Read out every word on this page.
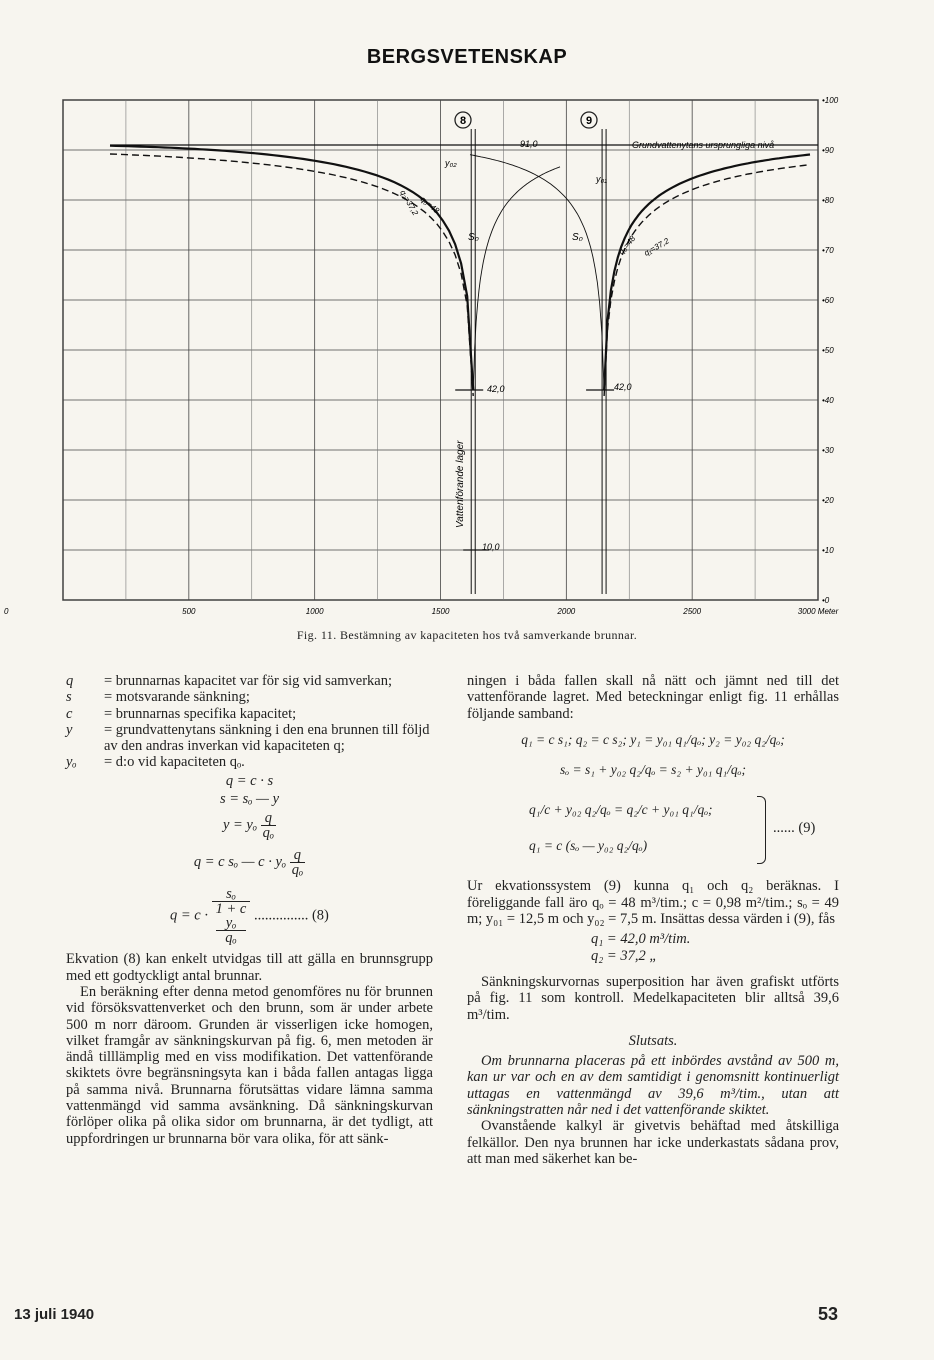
BERGSVETENSKAP
•100
•90
•80
•70
•60
•50
•40
•30
•20
•10
•0
0	500	1000	1500	2000	2500	3000 Meter
Grundvattenytans ursprungliga nivå
8	9
91,0
y₀₂
y₀₁
S₀	S₀
q₀=48
q₂=37,2
q₀=48 q₁=37,2
42,0	42,0
10,0
Vattenförande lager
Fig. 11. Bestämning av kapaciteten hos två samverkande brunnar.
q = brunnarnas kapacitet var för sig vid samverkan;
s = motsvarande sänkning;
c = brunnarnas specifika kapacitet;
y = grundvattenytans sänkning i den ena brunnen till följd av den andras inverkan vid kapaciteten q;
yₒ = d:o vid kapaciteten qₒ.
q = c · s
s = sₒ — y
y = yₒ $\frac{q}{\text{qₒ}}$
q = c sₒ — c · yₒ $\frac{q}{\text{qₒ}}$
q = c · sₒ
1 + c
yₒ
qₒ ............... (8)

Ekvation (8) kan enkelt utvidgas till att gälla en brunnsgrupp med ett godtyckligt antal brunnar.

En beräkning efter denna metod genomföres nu för brunnen vid försöksvattenverket och den brunn, som är under arbete 500 m norr däroom. Grunden är visserligen icke homogen, vilket framgår av sänkningskurvan på fig. 6, men metoden är ändå tilllämplig med en viss modifikation. Det vattenförande skiktets övre begränsningsyta kan i båda fallen antagas ligga på samma nivå. Brunnarna förutsättas vidare lämna samma vattenmängd vid samma avsänkning. Då sänkningskurvan förlöper olika på olika sidor om brunnarna, är det tydligt, att uppfordringen ur brunnarna bör vara olika, för att sänk-

ningen i båda fallen skall nå nätt och jämnt ned till det vattenförande lagret. Med beteckningar enligt fig. 11 erhållas följande samband:

q₁ = c s₁; q₂ = c s₂; y₁ = y₀₁ q₁/qₒ; y₂ = y₀₂ q₂/qₒ;
sₒ = s₁ + y₀₂ q₂/qₒ = s₂ + y₀₁ q₁/qₒ;
q₁/c + y₀₂ q₂/qₒ = q₂/c + y₀₁ q₁/qₒ;
q₁ = c (sₒ — y₀₂ q₂/qₒ)
...... (9)

Ur ekvationssystem (9) kunna q₁ och q₂ beräknas. I föreliggande fall äro qₒ = 48 m³/tim.; c = 0,98 m²/tim.; sₒ = 49 m; y₀₁ = 12,5 m och y₀₂ = 7,5 m. Insättas dessa värden i (9), fås

q₁ = 42,0 m³/tim.
q₂ = 37,2 „

Sänkningskurvornas superposition har även grafiskt utförts på fig. 11 som kontroll. Medelkapaciteten blir alltså 39,6 m³/tim.

Slutsats.

Om brunnarna placeras på ett inbördes avstånd av 500 m, kan ur var och en av dem samtidigt i genomsnitt kontinuerligt uttagas en vattenmängd av 39,6 m³/tim., utan att sänkningstratten når ned i det vattenförande skiktet.

Ovanstående kalkyl är givetvis behäftad med åtskilliga felkällor. Den nya brunnen har icke underkastats sådana prov, att man med säkerhet kan be-

13 juli 1940	53
